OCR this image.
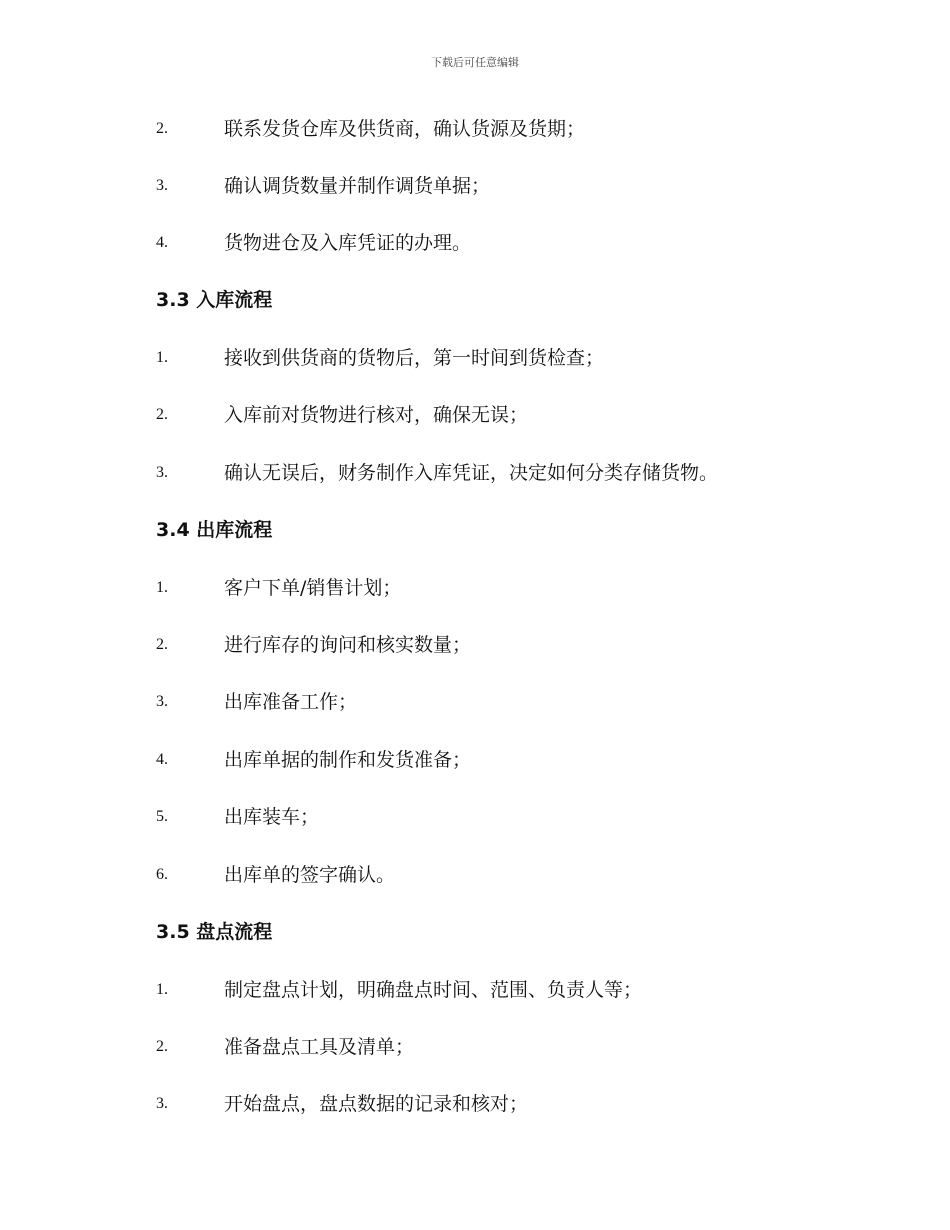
下载后可任意编辑
2.	联系发货仓库及供货商，确认货源及货期；
3.	确认调货数量并制作调货单据；
4.	货物进仓及入库凭证的办理。
3.3 入库流程
1.	接收到供货商的货物后，第一时间到货检查；
2.	入库前对货物进行核对，确保无误；
3.	确认无误后，财务制作入库凭证，决定如何分类存储货物。
3.4 出库流程
1.	客户下单/销售计划；
2.	进行库存的询问和核实数量；
3.	出库准备工作；
4.	出库单据的制作和发货准备；
5.	出库装车；
6.	出库单的签字确认。
3.5 盘点流程
1.	制定盘点计划，明确盘点时间、范围、负责人等；
2.	准备盘点工具及清单；
3.	开始盘点，盘点数据的记录和核对；
